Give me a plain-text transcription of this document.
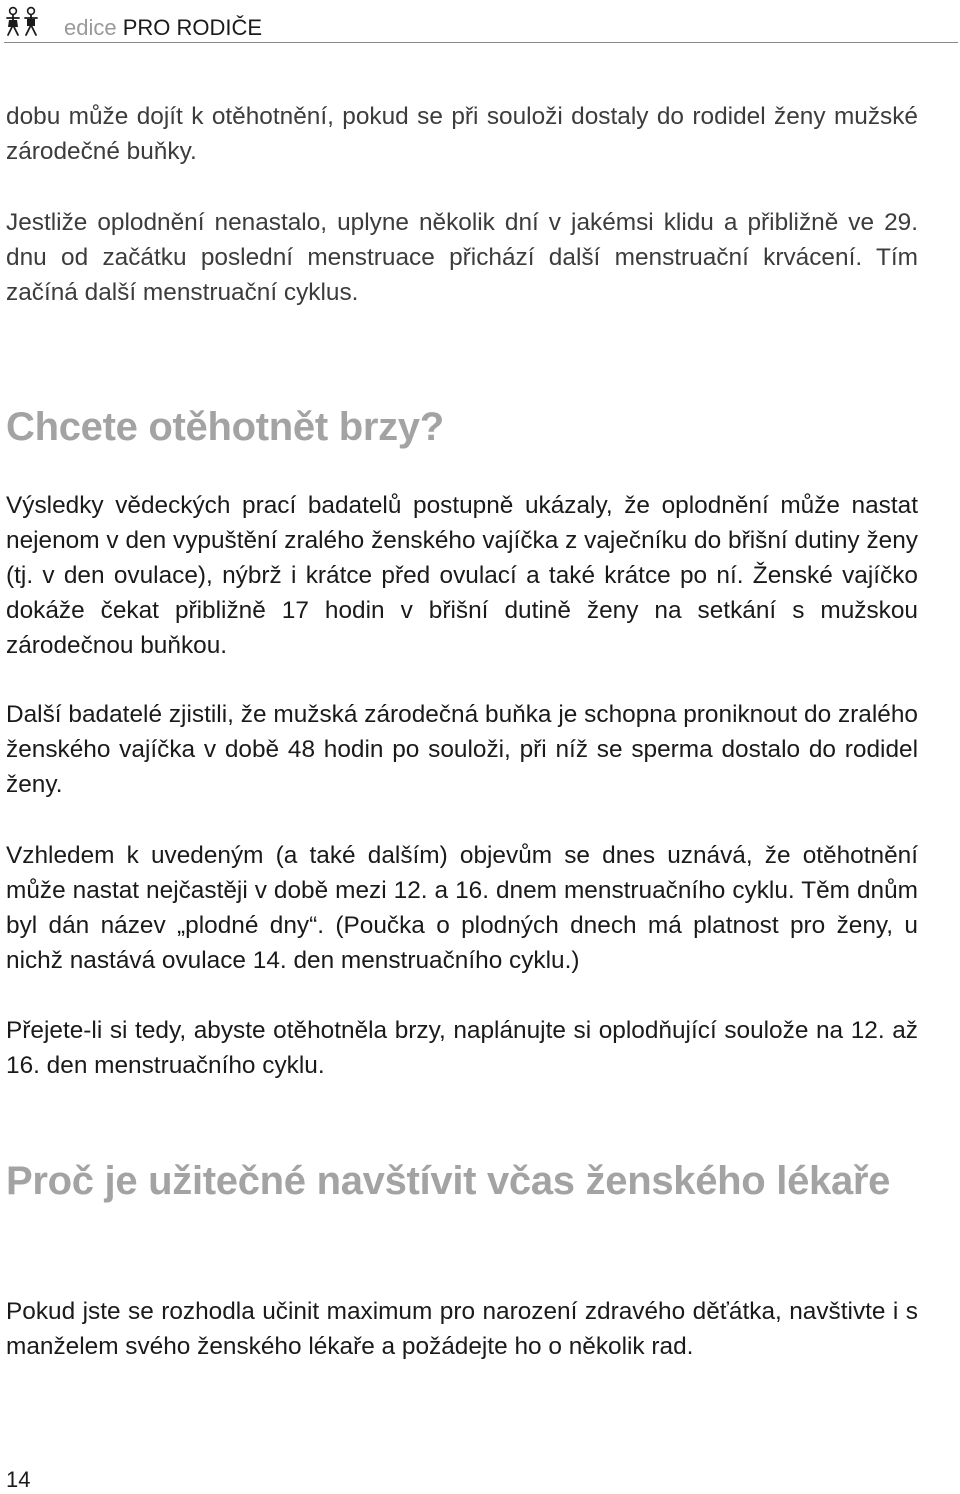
edice PRO RODIČE

dobu může dojít k otěhotnění, pokud se při souloži dostaly do rodidel ženy mužské zárodečné buňky.

Jestliže oplodnění nenastalo, uplyne několik dní v jakémsi klidu a přibližně ve 29. dnu od začátku poslední menstruace přichází další menstruační krvácení. Tím začíná další menstruační cyklus.

Chcete otěhotnět brzy?

Výsledky vědeckých prací badatelů postupně ukázaly, že oplodnění může nastat nejenom v den vypuštění zralého ženského vajíčka z vaječníku do břišní dutiny ženy (tj. v den ovulace), nýbrž i krátce před ovulací a také krátce po ní. Ženské vajíčko dokáže čekat přibližně 17 hodin v břišní dutině ženy na setkání s mužskou zárodečnou buňkou.

Další badatelé zjistili, že mužská zárodečná buňka je schopna proniknout do zralého ženského vajíčka v době 48 hodin po souloži, při níž se sperma dostalo do rodidel ženy.

Vzhledem k uvedeným (a také dalším) objevům se dnes uznává, že otěhotnění může nastat nejčastěji v době mezi 12. a 16. dnem menstruačního cyklu. Těm dnům byl dán název „plodné dny“. (Poučka o plodných dnech má platnost pro ženy, u nichž nastává ovulace 14. den menstruačního cyklu.)

Přejete-li si tedy, abyste otěhotněla brzy, naplánujte si oplodňující soulože na 12. až 16. den menstruačního cyklu.

Proč je užitečné navštívit včas ženského lékaře

Pokud jste se rozhodla učinit maximum pro narození zdravého děťátka, navštivte i s manželem svého ženského lékaře a požádejte ho o několik rad.

14
